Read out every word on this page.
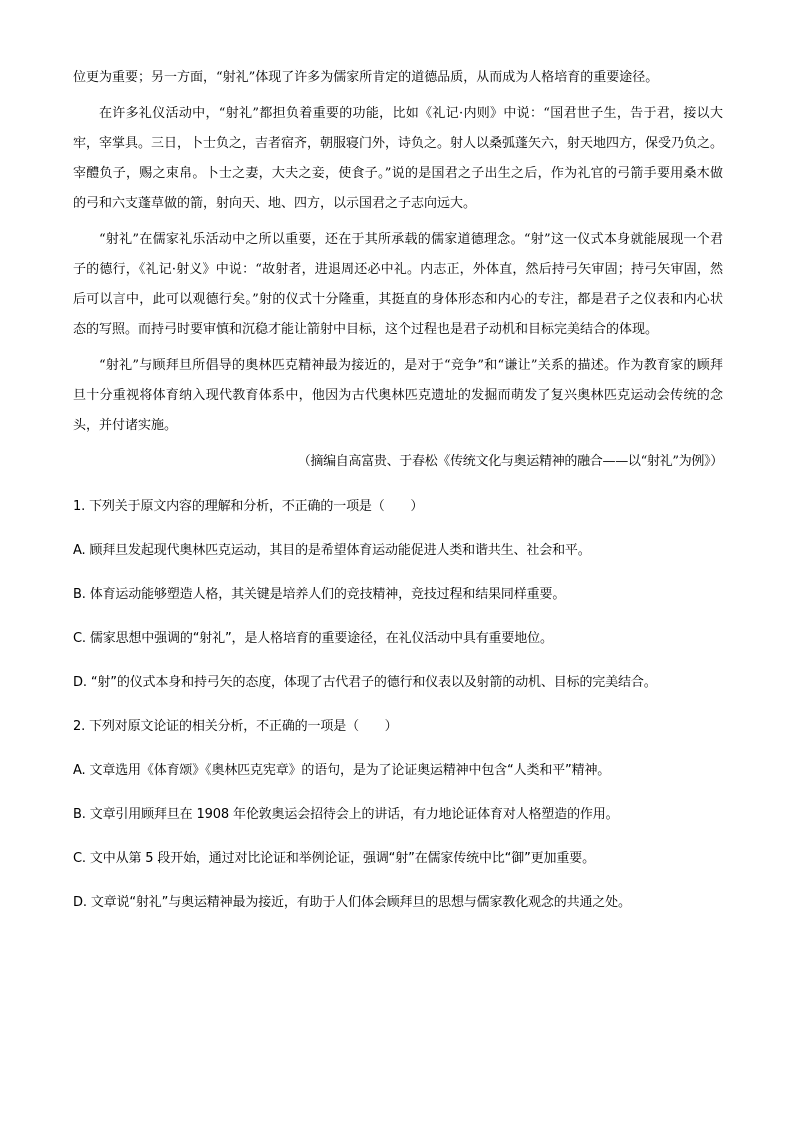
位更为重要；另一方面，“射礼”体现了许多为儒家所肯定的道德品质，从而成为人格培育的重要途径。

在许多礼仪活动中，“射礼”都担负着重要的功能，比如《礼记·内则》中说：“国君世子生，告于君，接以大牢，宰掌具。三日，卜士负之，吉者宿齐，朝服寝门外，诗负之。射人以桑弧蓬矢六，射天地四方，保受乃负之。宰醴负子，赐之束帛。卜士之妻，大夫之妾，使食子。”说的是国君之子出生之后，作为礼官的弓箭手要用桑木做的弓和六支蓬草做的箭，射向天、地、四方，以示国君之子志向远大。

“射礼”在儒家礼乐活动中之所以重要，还在于其所承载的儒家道德理念。“射”这一仪式本身就能展现一个君子的德行，《礼记·射义》中说：“故射者，进退周还必中礼。内志正，外体直，然后持弓矢审固；持弓矢审固，然后可以言中，此可以观德行矣。”射的仪式十分隆重，其挺直的身体形态和内心的专注，都是君子之仪表和内心状态的写照。而持弓时要审慎和沉稳才能让箭射中目标，这个过程也是君子动机和目标完美结合的体现。

“射礼”与顾拜旦所倡导的奥林匹克精神最为接近的，是对于“竞争”和“谦让”关系的描述。作为教育家的顾拜旦十分重视将体育纳入现代教育体系中，他因为古代奥林匹克遗址的发掘而萌发了复兴奥林匹克运动会传统的念头，并付诸实施。

（摘编自高富贵、于春松《传统文化与奥运精神的融合——以“射礼”为例》）

1. 下列关于原文内容的理解和分析，不正确的一项是（　　）

A. 顾拜旦发起现代奥林匹克运动，其目的是希望体育运动能促进人类和谐共生、社会和平。

B. 体育运动能够塑造人格，其关键是培养人们的竞技精神，竞技过程和结果同样重要。

C. 儒家思想中强调的“射礼”，是人格培育的重要途径，在礼仪活动中具有重要地位。

D. “射”的仪式本身和持弓矢的态度，体现了古代君子的德行和仪表以及射箭的动机、目标的完美结合。

2. 下列对原文论证的相关分析，不正确的一项是（　　）

A. 文章选用《体育颂》《奥林匹克宪章》的语句，是为了论证奥运精神中包含“人类和平”精神。

B. 文章引用顾拜旦在 1908 年伦敦奥运会招待会上的讲话，有力地论证体育对人格塑造的作用。

C. 文中从第 5 段开始，通过对比论证和举例论证，强调“射”在儒家传统中比“御”更加重要。

D. 文章说“射礼”与奥运精神最为接近，有助于人们体会顾拜旦的思想与儒家教化观念的共通之处。
